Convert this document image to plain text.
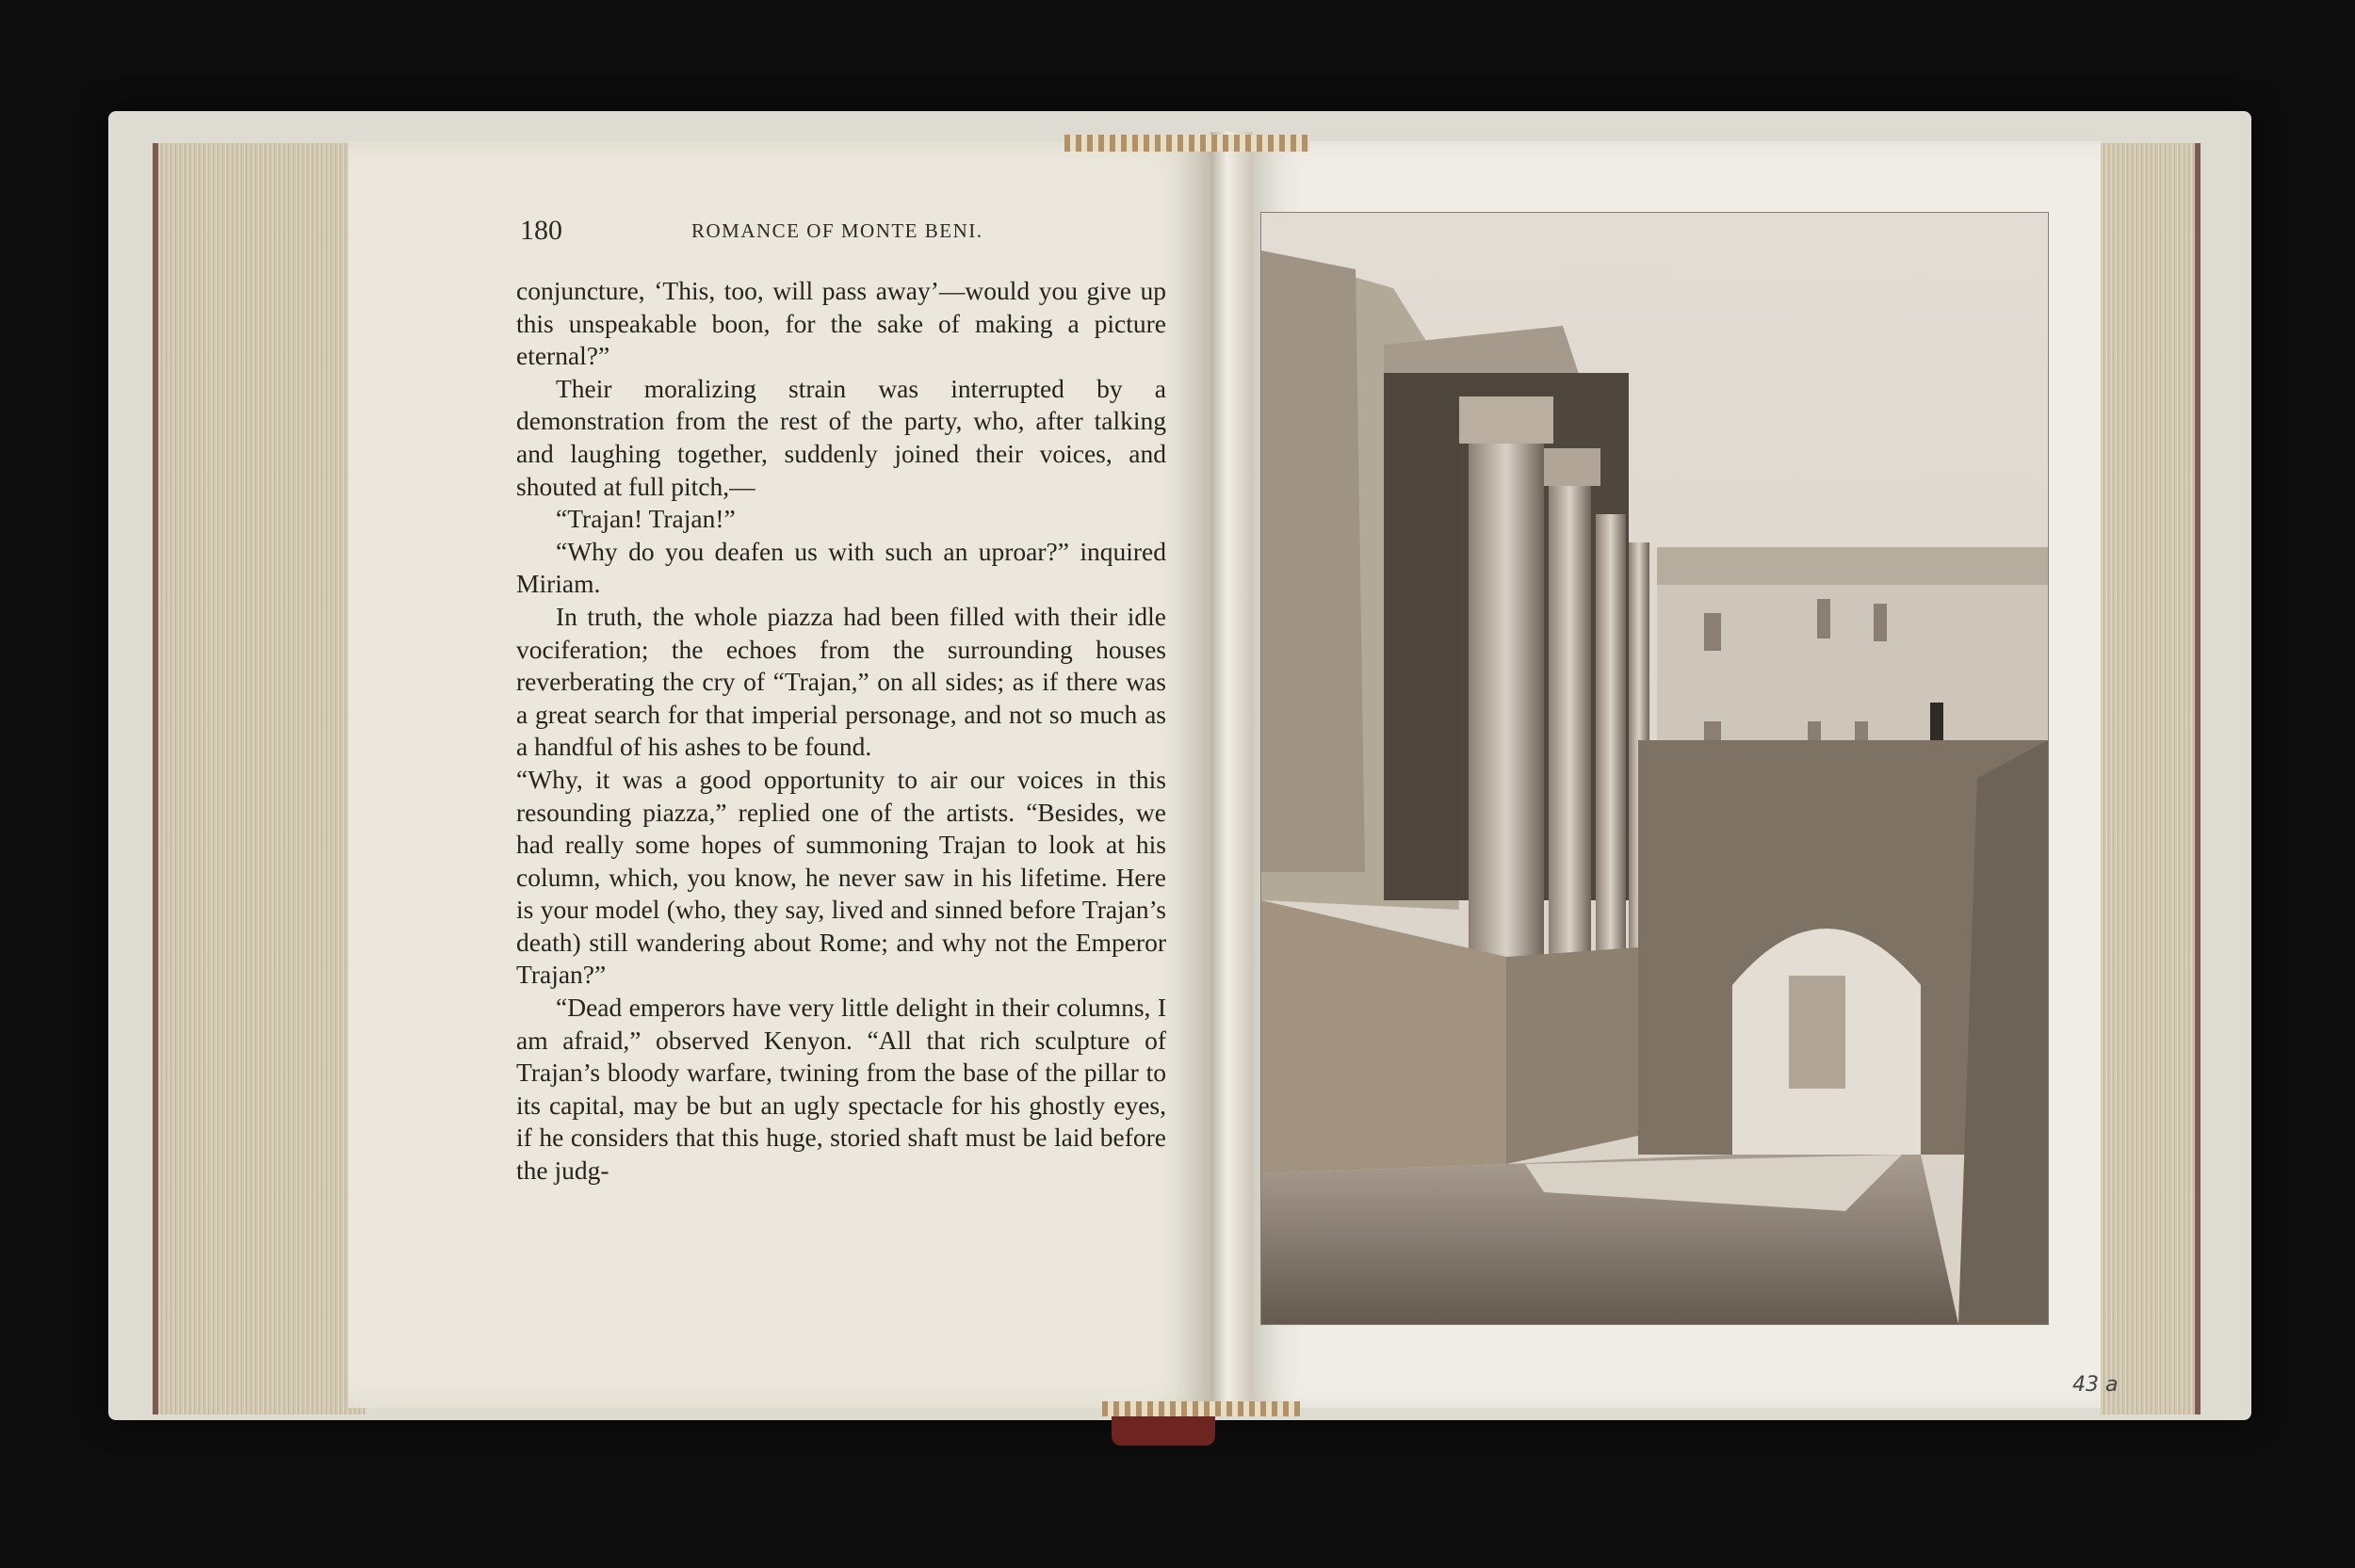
180	ROMANCE OF MONTE BENI.

conjuncture, ‘This, too, will pass away’—would you give up this unspeakable boon, for the sake of making a picture eternal?”

Their moralizing strain was interrupted by a demonstration from the rest of the party, who, after talking and laughing together, suddenly joined their voices, and shouted at full pitch,—

“Trajan! Trajan!”

“Why do you deafen us with such an uproar?” inquired Miriam.

In truth, the whole piazza had been filled with their idle vociferation; the echoes from the surrounding houses reverberating the cry of “Trajan,” on all sides; as if there was a great search for that imperial personage, and not so much as a handful of his ashes to be found.

“Why, it was a good opportunity to air our voices in this resounding piazza,” replied one of the artists. “Besides, we had really some hopes of summoning Trajan to look at his column, which, you know, he never saw in his lifetime. Here is your model (who, they say, lived and sinned before Trajan’s death) still wandering about Rome; and why not the Emperor Trajan?”

“Dead emperors have very little delight in their columns, I am afraid,” observed Kenyon. “All that rich sculpture of Trajan’s bloody warfare, twining from the base of the pillar to its capital, may be but an ugly spectacle for his ghostly eyes, if he considers that this huge, storied shaft must be laid before the judg-

43 a
